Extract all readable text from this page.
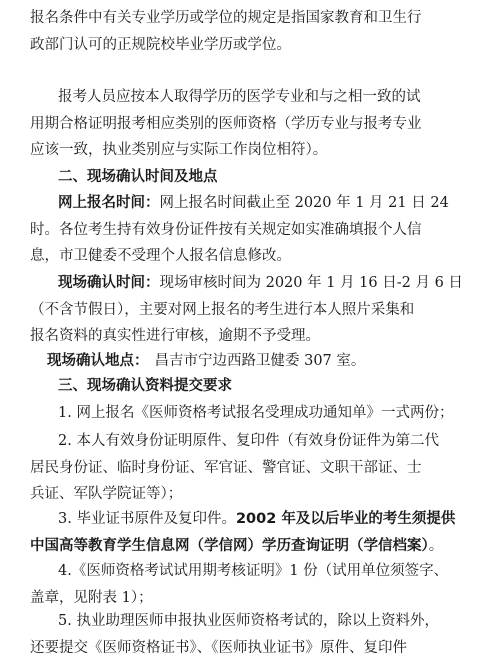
报名条件中有关专业学历或学位的规定是指国家教育和卫生行
政部门认可的正规院校毕业学历或学位。
报考人员应按本人取得学历的医学专业和与之相一致的试
用期合格证明报考相应类别的医师资格（学历专业与报考专业
应该一致，执业类别应与实际工作岗位相符）。
二、现场确认时间及地点
网上报名时间：网上报名时间截止至 2020 年 1 月 21 日 24
时。各位考生持有效身份证件按有关规定如实准确填报个人信
息，市卫健委不受理个人报名信息修改。
现场确认时间：现场审核时间为 2020 年 1 月 16 日-2 月 6 日
（不含节假日），主要对网上报名的考生进行本人照片采集和
报名资料的真实性进行审核，逾期不予受理。
现场确认地点： 昌吉市宁边西路卫健委 307 室。
三、现场确认资料提交要求
1. 网上报名《医师资格考试报名受理成功通知单》一式两份；
2. 本人有效身份证明原件、复印件（有效身份证件为第二代
居民身份证、临时身份证、军官证、警官证、文职干部证、士
兵证、军队学院证等）；
3. 毕业证书原件及复印件。2002 年及以后毕业的考生须提供
中国高等教育学生信息网（学信网）学历查询证明（学信档案）。
4.《医师资格考试试用期考核证明》1 份（试用单位须签字、
盖章，见附表 1）；
5. 执业助理医师申报执业医师资格考试的，除以上资料外，
还要提交《医师资格证书》、《医师执业证书》原件、复印件
